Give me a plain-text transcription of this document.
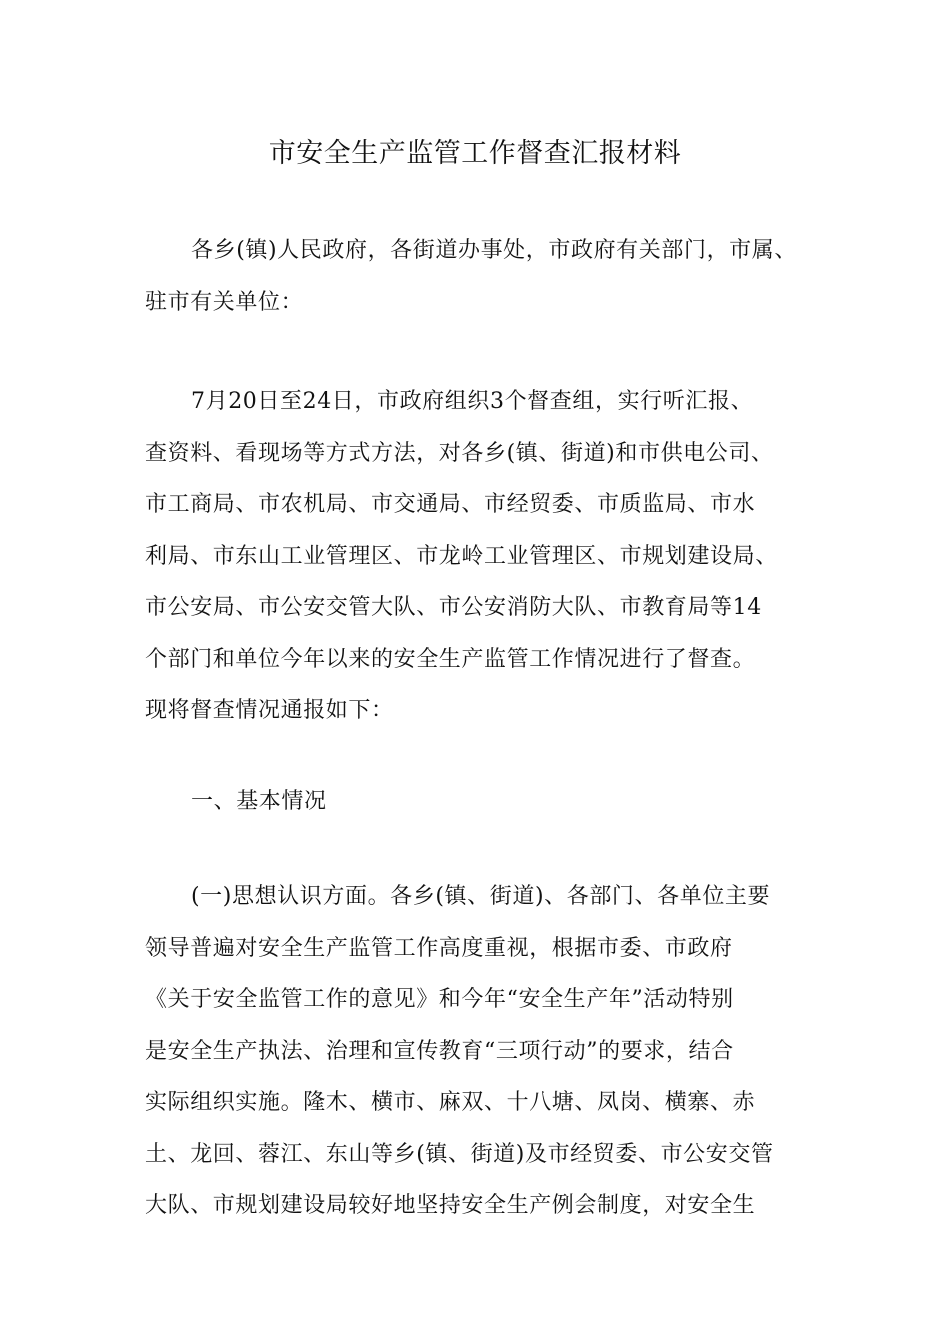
市安全生产监管工作督查汇报材料
各乡(镇)人民政府，各街道办事处，市政府有关部门，市属、
驻市有关单位：
7月20日至24日，市政府组织3个督查组，实行听汇报、
查资料、看现场等方式方法，对各乡(镇、街道)和市供电公司、
市工商局、市农机局、市交通局、市经贸委、市质监局、市水
利局、市东山工业管理区、市龙岭工业管理区、市规划建设局、
市公安局、市公安交管大队、市公安消防大队、市教育局等14
个部门和单位今年以来的安全生产监管工作情况进行了督查。
现将督查情况通报如下：
一、基本情况
(一)思想认识方面。各乡(镇、街道)、各部门、各单位主要
领导普遍对安全生产监管工作高度重视，根据市委、市政府
《关于安全监管工作的意见》和今年“安全生产年”活动特别
是安全生产执法、治理和宣传教育“三项行动”的要求，结合
实际组织实施。隆木、横市、麻双、十八塘、凤岗、横寨、赤
土、龙回、蓉江、东山等乡(镇、街道)及市经贸委、市公安交管
大队、市规划建设局较好地坚持安全生产例会制度，对安全生
